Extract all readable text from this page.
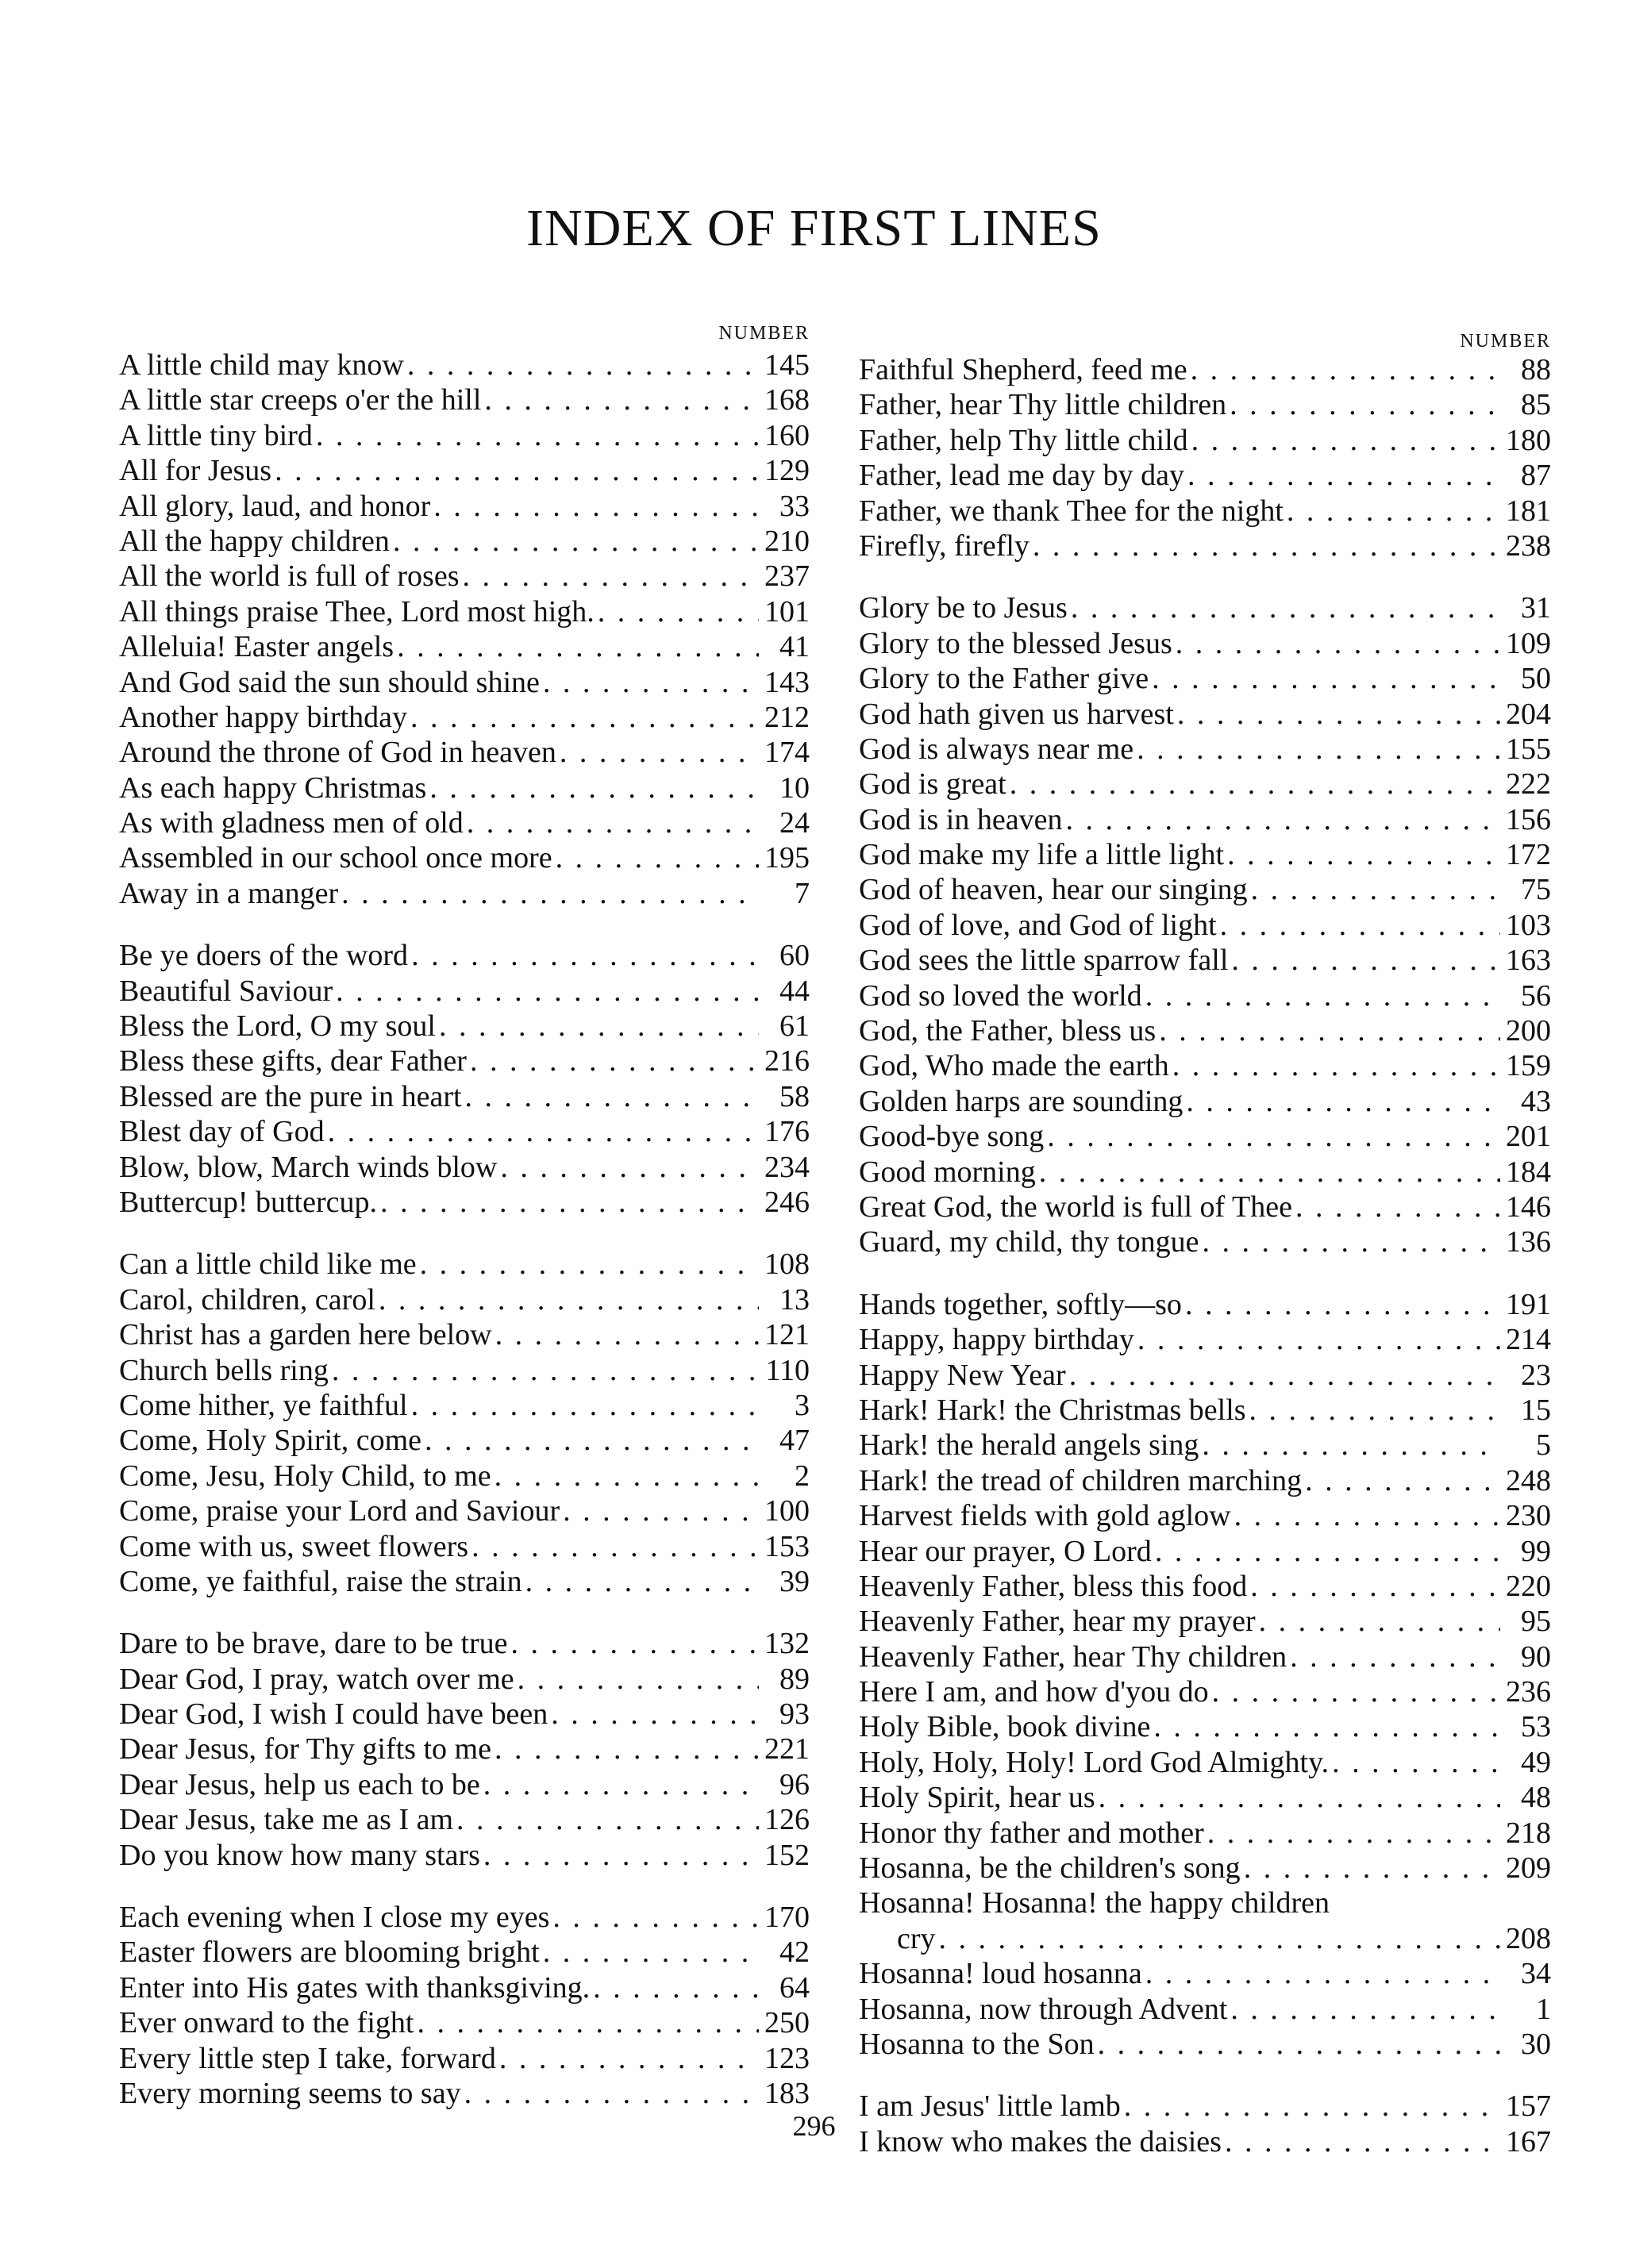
INDEX OF FIRST LINES
NUMBER
A little child may know . . .	145
A little star creeps o'er the hill . . .	168
A little tiny bird . . .	160
All for Jesus . . .	129
All glory, laud, and honor . . .	33
All the happy children . . .	210
All the world is full of roses . . .	237
All things praise Thee, Lord most high. . . .	101
Alleluia! Easter angels . . .	41
And God said the sun should shine . . .	143
Another happy birthday . . .	212
Around the throne of God in heaven . . .	174
As each happy Christmas . . .	10
As with gladness men of old . . .	24
Assembled in our school once more . . .	195
Away in a manger . . .	7
Be ye doers of the word . . .	60
Beautiful Saviour . . .	44
Bless the Lord, O my soul . . .	61
Bless these gifts, dear Father . . .	216
Blessed are the pure in heart . . .	58
Blest day of God . . .	176
Blow, blow, March winds blow . . .	234
Buttercup! buttercup. . . .	246
Can a little child like me . . .	108
Carol, children, carol . . .	13
Christ has a garden here below . . .	121
Church bells ring . . .	110
Come hither, ye faithful . . .	3
Come, Holy Spirit, come . . .	47
Come, Jesu, Holy Child, to me . . .	2
Come, praise your Lord and Saviour . . .	100
Come with us, sweet flowers . . .	153
Come, ye faithful, raise the strain . . .	39
Dare to be brave, dare to be true . . .	132
Dear God, I pray, watch over me . . .	89
Dear God, I wish I could have been . . .	93
Dear Jesus, for Thy gifts to me . . .	221
Dear Jesus, help us each to be . . .	96
Dear Jesus, take me as I am . . .	126
Do you know how many stars . . .	152
Each evening when I close my eyes . . .	170
Easter flowers are blooming bright . . .	42
Enter into His gates with thanksgiving. . . .	64
Ever onward to the fight . . .	250
Every little step I take, forward . . .	123
Every morning seems to say . . .	183
NUMBER
Faithful Shepherd, feed me . . .	88
Father, hear Thy little children . . .	85
Father, help Thy little child . . .	180
Father, lead me day by day . . .	87
Father, we thank Thee for the night . . .	181
Firefly, firefly . . .	238
Glory be to Jesus . . .	31
Glory to the blessed Jesus . . .	109
Glory to the Father give . . .	50
God hath given us harvest . . .	204
God is always near me . . .	155
God is great . . .	222
God is in heaven . . .	156
God make my life a little light . . .	172
God of heaven, hear our singing . . .	75
God of love, and God of light . . .	103
God sees the little sparrow fall . . .	163
God so loved the world . . .	56
God, the Father, bless us . . .	200
God, Who made the earth . . .	159
Golden harps are sounding . . .	43
Good-bye song . . .	201
Good morning . . .	184
Great God, the world is full of Thee . . .	146
Guard, my child, thy tongue . . .	136
Hands together, softly—so . . .	191
Happy, happy birthday . . .	214
Happy New Year . . .	23
Hark! Hark! the Christmas bells . . .	15
Hark! the herald angels sing . . .	5
Hark! the tread of children marching . . .	248
Harvest fields with gold aglow . . .	230
Hear our prayer, O Lord . . .	99
Heavenly Father, bless this food . . .	220
Heavenly Father, hear my prayer . . .	95
Heavenly Father, hear Thy children . . .	90
Here I am, and how d'you do . . .	236
Holy Bible, book divine . . .	53
Holy, Holy, Holy! Lord God Almighty. . . .	49
Holy Spirit, hear us . . .	48
Honor thy father and mother . . .	218
Hosanna, be the children's song . . .	209
Hosanna! Hosanna! the happy children
cry . . .	208
Hosanna! loud hosanna . . .	34
Hosanna, now through Advent . . .	1
Hosanna to the Son . . .	30
I am Jesus' little lamb . . .	157
I know who makes the daisies . . .	167
296
